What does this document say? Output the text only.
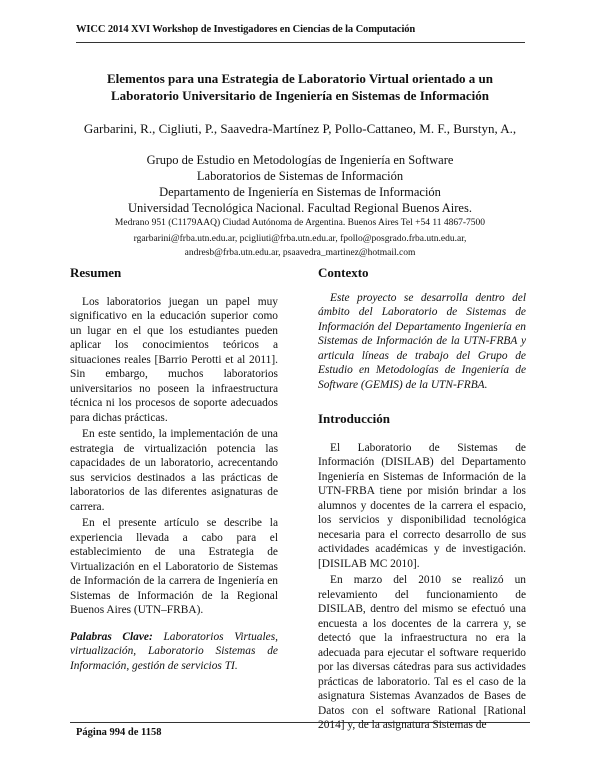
WICC 2014 XVI Workshop de Investigadores en Ciencias de la Computación
Elementos para una Estrategia de Laboratorio Virtual orientado a un
Laboratorio Universitario de Ingeniería en Sistemas de Información
Garbarini, R., Cigliuti, P., Saavedra-Martínez P, Pollo-Cattaneo, M. F., Burstyn, A.,
Grupo de Estudio en Metodologías de Ingeniería en Software
Laboratorios de Sistemas de Información
Departamento de Ingeniería en Sistemas de Información
Universidad Tecnológica Nacional. Facultad Regional Buenos Aires.
Medrano 951 (C1179AAQ) Ciudad Autónoma de Argentina. Buenos Aires Tel +54 11 4867-7500
rgarbarini@frba.utn.edu.ar, pcigliuti@frba.utn.edu.ar, fpollo@posgrado.frba.utn.edu.ar,
andresb@frba.utn.edu.ar, psaavedra_martinez@hotmail.com
Resumen

Los laboratorios juegan un papel muy significativo en la educación superior como un lugar en el que los estudiantes pueden aplicar los conocimientos teóricos a situaciones reales [Barrio Perotti et al 2011]. Sin embargo, muchos laboratorios universitarios no poseen la infraestructura técnica ni los procesos de soporte adecuados para dichas prácticas.

En este sentido, la implementación de una estrategia de virtualización potencia las capacidades de un laboratorio, acrecentando sus servicios destinados a las prácticas de laboratorios de las diferentes asignaturas de carrera.

En el presente artículo se describe la experiencia llevada a cabo para el establecimiento de una Estrategia de Virtualización en el Laboratorio de Sistemas de Información de la carrera de Ingeniería en Sistemas de Información de la Regional Buenos Aires (UTN–FRBA).

Palabras Clave: Laboratorios Virtuales, virtualización, Laboratorio Sistemas de Información, gestión de servicios TI.

Contexto

Este proyecto se desarrolla dentro del ámbito del Laboratorio de Sistemas de Información del Departamento Ingeniería en Sistemas de Información de la UTN-FRBA y articula líneas de trabajo del Grupo de Estudio en Metodologías de Ingeniería de Software (GEMIS) de la UTN-FRBA.

Introducción

El Laboratorio de Sistemas de Información (DISILAB) del Departamento Ingeniería en Sistemas de Información de la UTN-FRBA tiene por misión brindar a los alumnos y docentes de la carrera el espacio, los servicios y disponibilidad tecnológica necesaria para el correcto desarrollo de sus actividades académicas y de investigación. [DISILAB MC 2010].

En marzo del 2010 se realizó un relevamiento del funcionamiento de DISILAB, dentro del mismo se efectuó una encuesta a los docentes de la carrera y, se detectó que la infraestructura no era la adecuada para ejecutar el software requerido por las diversas cátedras para sus actividades prácticas de laboratorio. Tal es el caso de la asignatura Sistemas Avanzados de Bases de Datos con el software Rational [Rational 2014] y, de la asignatura Sistemas de

Página 994 de 1158
